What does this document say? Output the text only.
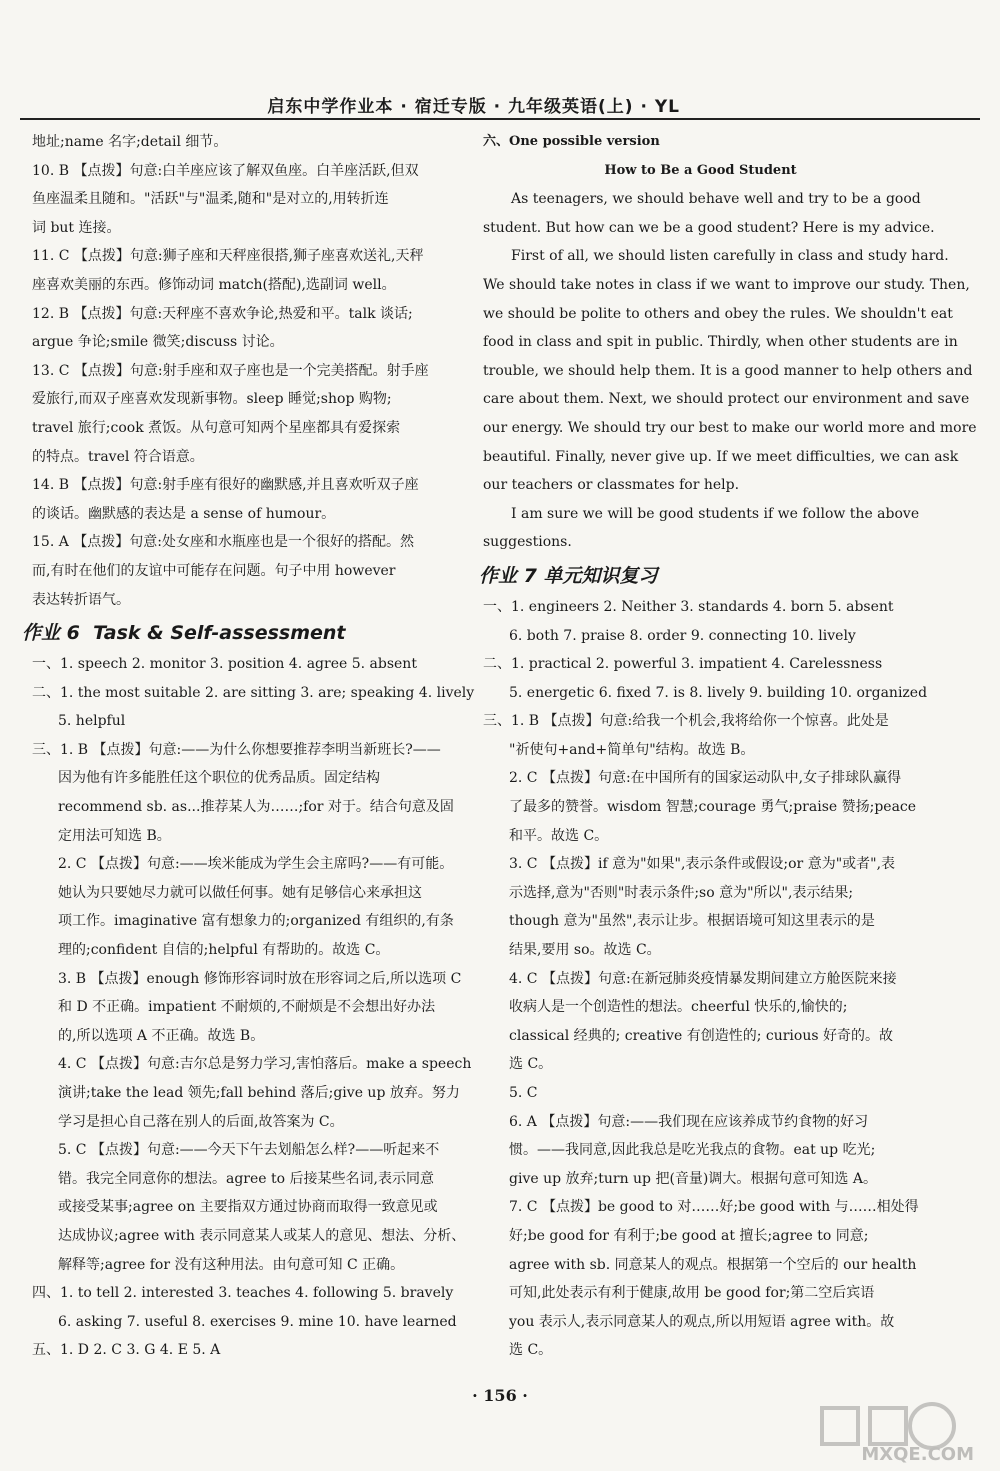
启东中学作业本 · 宿迁专版 · 九年级英语(上) · YL

地址;name 名字;detail 细节。

10. B 【点拨】句意:白羊座应该了解双鱼座。白羊座活跃,但双

鱼座温柔且随和。"活跃"与"温柔,随和"是对立的,用转折连

词 but 连接。

11. C 【点拨】句意:狮子座和天秤座很搭,狮子座喜欢送礼,天秤

座喜欢美丽的东西。修饰动词 match(搭配),选副词 well。

12. B 【点拨】句意:天秤座不喜欢争论,热爱和平。talk 谈话;

argue 争论;smile 微笑;discuss 讨论。

13. C 【点拨】句意:射手座和双子座也是一个完美搭配。射手座

爱旅行,而双子座喜欢发现新事物。sleep 睡觉;shop 购物;

travel 旅行;cook 煮饭。从句意可知两个星座都具有爱探索

的特点。travel 符合语意。

14. B 【点拨】句意:射手座有很好的幽默感,并且喜欢听双子座

的谈话。幽默感的表达是 a sense of humour。

15. A 【点拨】句意:处女座和水瓶座也是一个很好的搭配。然

而,有时在他们的友谊中可能存在问题。句子中用 however

表达转折语气。

作业 6 Task & Self-assessment

一、1. speech 2. monitor 3. position 4. agree 5. absent

二、1. the most suitable 2. are sitting 3. are; speaking 4. lively

5. helpful

三、1. B 【点拨】句意:——为什么你想要推荐李明当新班长?——

因为他有许多能胜任这个职位的优秀品质。固定结构

recommend sb. as...推荐某人为……;for 对于。结合句意及固

定用法可知选 B。

2. C 【点拨】句意:——埃米能成为学生会主席吗?——有可能。

她认为只要她尽力就可以做任何事。她有足够信心来承担这

项工作。imaginative 富有想象力的;organized 有组织的,有条

理的;confident 自信的;helpful 有帮助的。故选 C。

3. B 【点拨】enough 修饰形容词时放在形容词之后,所以选项 C

和 D 不正确。impatient 不耐烦的,不耐烦是不会想出好办法

的,所以选项 A 不正确。故选 B。

4. C 【点拨】句意:吉尔总是努力学习,害怕落后。make a speech

演讲;take the lead 领先;fall behind 落后;give up 放弃。努力

学习是担心自己落在别人的后面,故答案为 C。

5. C 【点拨】句意:——今天下午去划船怎么样?——听起来不

错。我完全同意你的想法。agree to 后接某些名词,表示同意

或接受某事;agree on 主要指双方通过协商而取得一致意见或

达成协议;agree with 表示同意某人或某人的意见、想法、分析、

解释等;agree for 没有这种用法。由句意可知 C 正确。

四、1. to tell 2. interested 3. teaches 4. following 5. bravely

6. asking 7. useful 8. exercises 9. mine 10. have learned

五、1. D 2. C 3. G 4. E 5. A

六、One possible version

How to Be a Good Student

As teenagers, we should behave well and try to be a good

student. But how can we be a good student? Here is my advice.

First of all, we should listen carefully in class and study hard.

We should take notes in class if we want to improve our study. Then,

we should be polite to others and obey the rules. We shouldn't eat

food in class and spit in public. Thirdly, when other students are in

trouble, we should help them. It is a good manner to help others and

care about them. Next, we should protect our environment and save

our energy. We should try our best to make our world more and more

beautiful. Finally, never give up. If we meet difficulties, we can ask

our teachers or classmates for help.

I am sure we will be good students if we follow the above

suggestions.

作业 7 单元知识复习

一、1. engineers 2. Neither 3. standards 4. born 5. absent

6. both 7. praise 8. order 9. connecting 10. lively

二、1. practical 2. powerful 3. impatient 4. Carelessness

5. energetic 6. fixed 7. is 8. lively 9. building 10. organized

三、1. B 【点拨】句意:给我一个机会,我将给你一个惊喜。此处是

"祈使句+and+简单句"结构。故选 B。

2. C 【点拨】句意:在中国所有的国家运动队中,女子排球队赢得

了最多的赞誉。wisdom 智慧;courage 勇气;praise 赞扬;peace

和平。故选 C。

3. C 【点拨】if 意为"如果",表示条件或假设;or 意为"或者",表

示选择,意为"否则"时表示条件;so 意为"所以",表示结果;

though 意为"虽然",表示让步。根据语境可知这里表示的是

结果,要用 so。故选 C。

4. C 【点拨】句意:在新冠肺炎疫情暴发期间建立方舱医院来接

收病人是一个创造性的想法。cheerful 快乐的,愉快的;

classical 经典的; creative 有创造性的; curious 好奇的。故

选 C。

5. C

6. A 【点拨】句意:——我们现在应该养成节约食物的好习

惯。——我同意,因此我总是吃光我点的食物。eat up 吃光;

give up 放弃;turn up 把(音量)调大。根据句意可知选 A。

7. C 【点拨】be good to 对……好;be good with 与……相处得

好;be good for 有利于;be good at 擅长;agree to 同意;

agree with sb. 同意某人的观点。根据第一个空后的 our health

可知,此处表示有利于健康,故用 be good for;第二空后宾语

you 表示人,表示同意某人的观点,所以用短语 agree with。故

选 C。

· 156 ·
MXQE.COM
